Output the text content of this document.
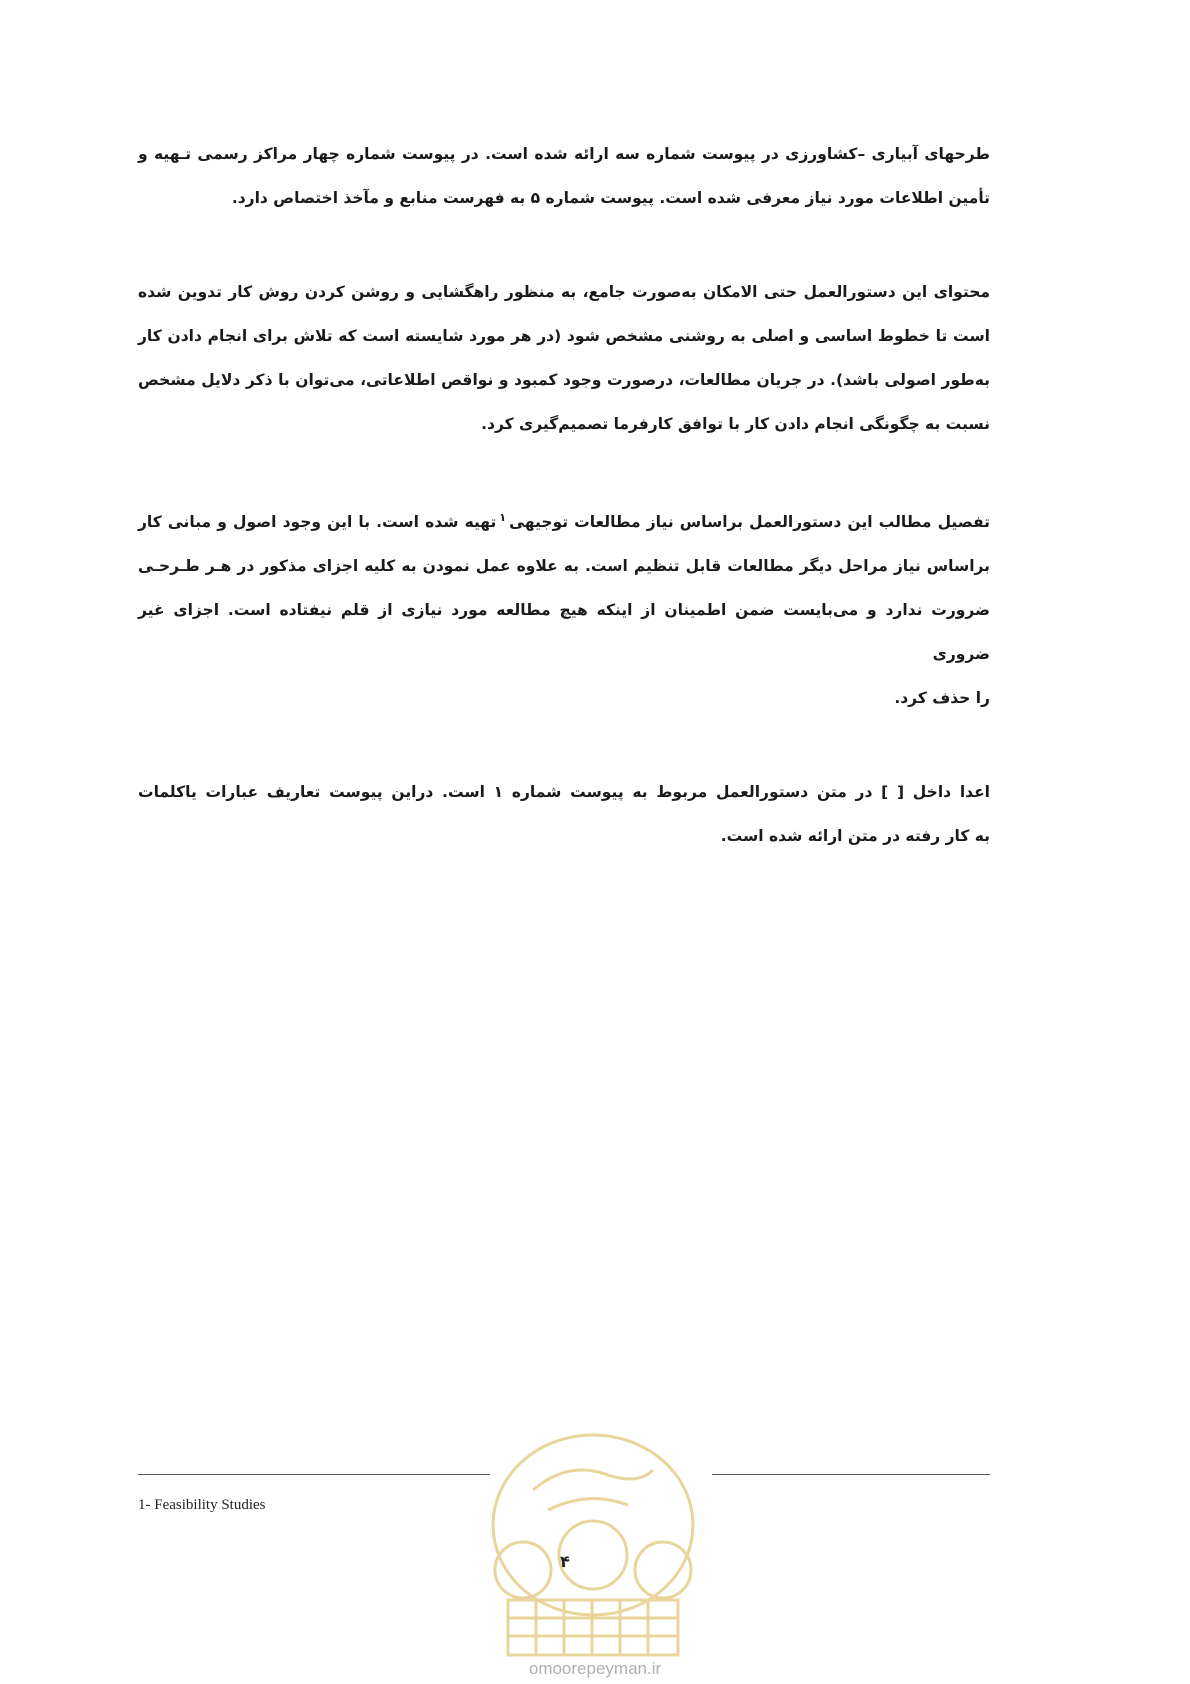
طرحهای آبیاری –کشاورزی در پیوست شماره سه ارائه شده است. در پیوست شماره چهار مراکز رسمی تـهیه و
تأمین اطلاعات مورد نیاز معرفی شده است. پیوست شماره ۵ به فهرست منابع و مآخذ اختصاص دارد.

محتوای این دستورالعمل حتی الامکان به‌صورت جامع، به منظور راهگشایی و روشن کردن روش کار تدوین شده
است تا خطوط اساسی و اصلی به روشنی مشخص شود (در هر مورد شایسته است که تلاش برای انجام دادن کار
به‌طور اصولی باشد). در جریان مطالعات، درصورت وجود کمبود و نواقص اطلاعاتی، می‌توان با ذکر دلایل مشخص
نسبت به چگونگی انجام دادن کار با توافق کارفرما تصمیم‌گیری کرد.

تفصیل مطالب این دستورالعمل براساس نیاز مطالعات توجیهی$^۱$تهیه شده است. با این وجود اصول و مبانی کار
براساس نیاز مراحل دیگر مطالعات قابل تنظیم است. به علاوه عمل نمودن به کلیه اجزای مذکور در هـر طـرحـی
ضرورت ندارد و می‌بایست ضمن اطمینان از اینکه هیچ مطالعه مورد نیازی از قلم نیفتاده است. اجزای غیر ضروری
را حذف کرد.

اعدا داخل [ ] در متن دستورالعمل مربوط به پیوست شماره ۱ است. دراین پیوست تعاریف عبارات یاکلمات
به کار رفته در متن ارائه شده است.

1- Feasibility Studies
۴
omoorepeyman.ir
